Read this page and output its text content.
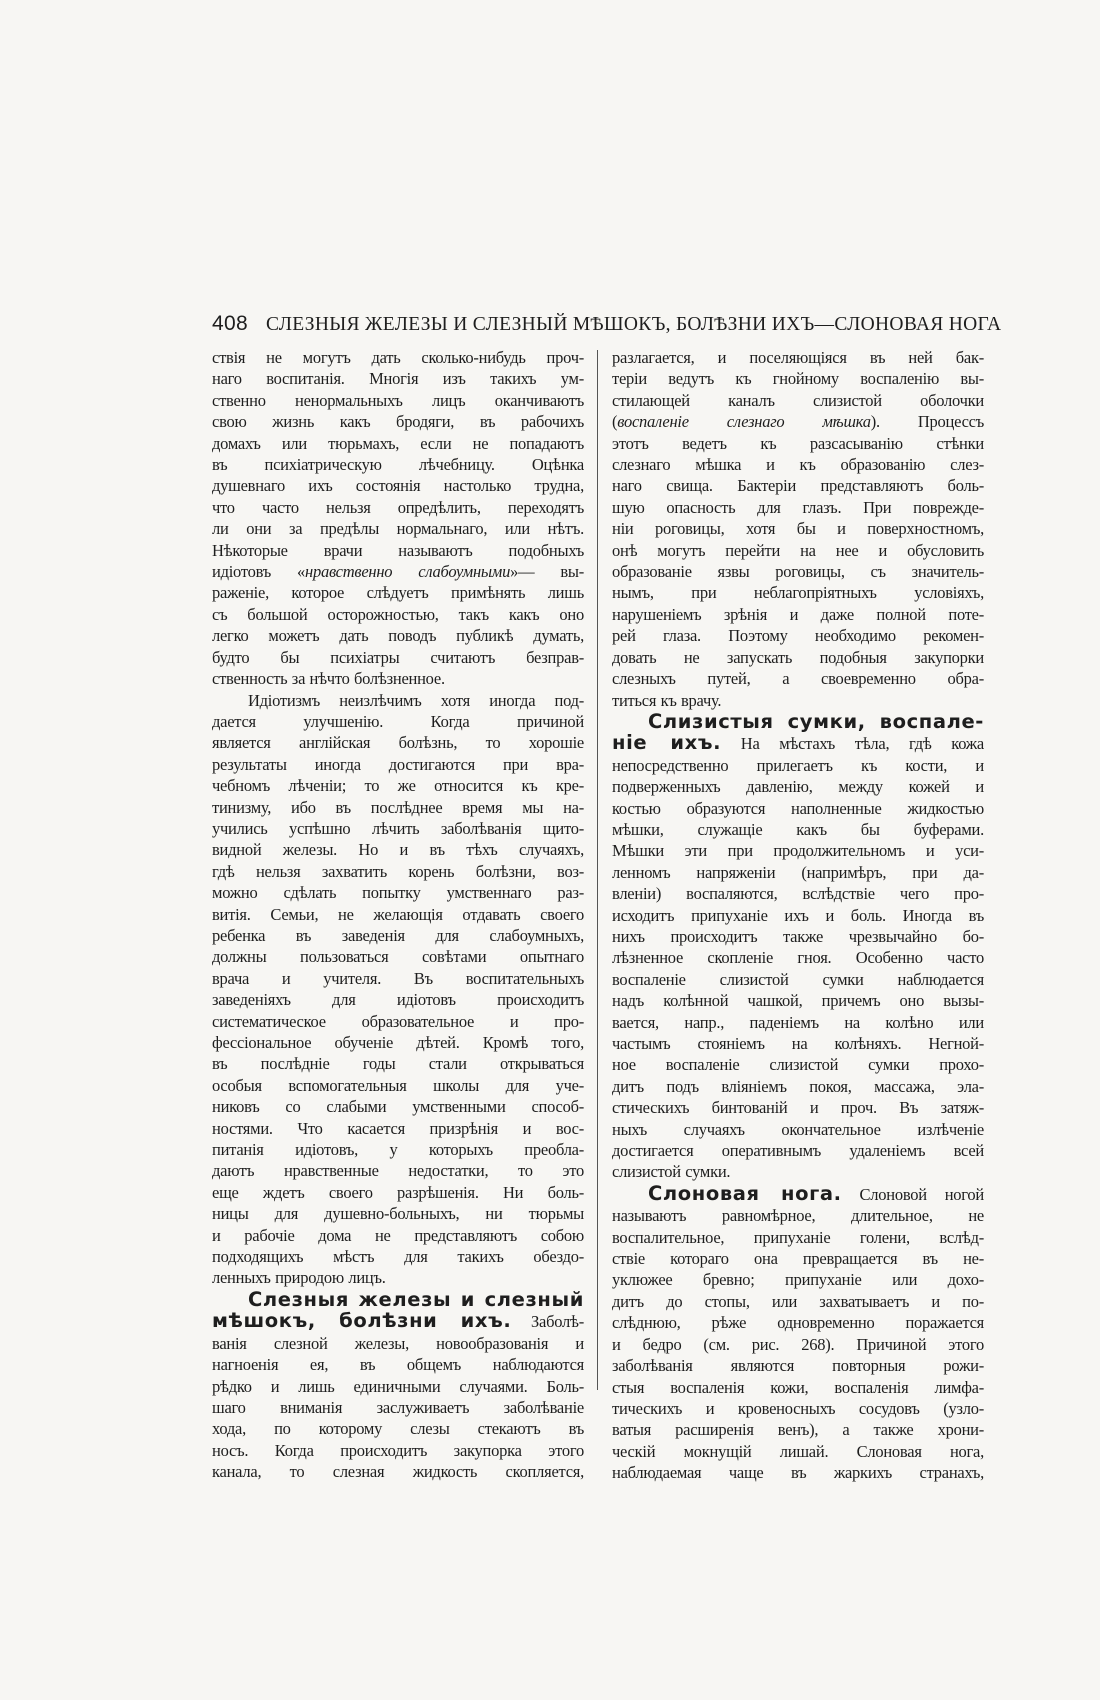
408 СЛЕЗНЫЯ ЖЕЛЕЗЫ И СЛЕЗНЫЙ МѢШОКЪ, БОЛѢЗНИ ИХЪ—СЛОНОВАЯ НОГА
ствія не могутъ дать сколько-нибудь проч-
наго воспитанія. Многія изъ такихъ ум-
ственно ненормальныхъ лицъ оканчиваютъ
свою жизнь какъ бродяги, въ рабочихъ
домахъ или тюрьмахъ, если не попадаютъ
въ психіатрическую лѣчебницу. Оцѣнка
душевнаго ихъ состоянія настолько трудна,
что часто нельзя опредѣлить, переходятъ
ли они за предѣлы нормальнаго, или нѣтъ.
Нѣкоторые врачи называютъ подобныхъ
идіотовъ «нравственно слабоумными»— вы-
раженіе, которое слѣдуетъ примѣнять лишь
съ большой осторожностью, такъ какъ оно
легко можетъ дать поводъ публикѣ думать,
будто бы психіатры считаютъ безправ-
ственность за нѣчто болѣзненное.
Идіотизмъ неизлѣчимъ хотя иногда под-
дается улучшенію. Когда причиной
является англійская болѣзнь, то хорошіе
результаты иногда достигаются при вра-
чебномъ лѣченіи; то же относится къ кре-
тинизму, ибо въ послѣднее время мы на-
учились успѣшно лѣчить заболѣванія щито-
видной железы. Но и въ тѣхъ случаяхъ,
гдѣ нельзя захватить корень болѣзни, воз-
можно сдѣлать попытку умственнаго раз-
витія. Семьи, не желающія отдавать своего
ребенка въ заведенія для слабоумныхъ,
должны пользоваться совѣтами опытнаго
врача и учителя. Въ воспитательныхъ
заведеніяхъ для идіотовъ происходитъ
систематическое образовательное и про-
фессіональное обученіе дѣтей. Кромѣ того,
въ послѣдніе годы стали открываться
особыя вспомогательныя школы для уче-
никовъ со слабыми умственными способ-
ностями. Что касается призрѣнія и вос-
питанія идіотовъ, у которыхъ преобла-
даютъ нравственные недостатки, то это
еще ждетъ своего разрѣшенія. Ни боль-
ницы для душевно-больныхъ, ни тюрьмы
и рабочіе дома не представляютъ собою
подходящихъ мѣстъ для такихъ обездо-
ленныхъ природою лицъ.
Слезныя железы и слезный
мѣшокъ, болѣзни ихъ. Заболѣ-
ванія слезной железы, новообразованія и
нагноенія ея, въ общемъ наблюдаются
рѣдко и лишь единичными случаями. Боль-
шаго вниманія заслуживаетъ заболѣваніе
хода, по которому слезы стекаютъ въ
носъ. Когда происходитъ закупорка этого
канала, то слезная жидкость скопляется,
разлагается, и поселяющіяся въ ней бак-
теріи ведутъ къ гнойному воспаленію вы-
стилающей каналъ слизистой оболочки
(воспаленіе слезнаго мѣшка). Процессъ
этотъ ведетъ къ разсасыванію стѣнки
слезнаго мѣшка и къ образованію слез-
наго свища. Бактеріи представляютъ боль-
шую опасность для глазъ. При поврежде-
ніи роговицы, хотя бы и поверхностномъ,
онѣ могутъ перейти на нее и обусловить
образованіе язвы роговицы, съ значитель-
нымъ, при неблагопріятныхъ условіяхъ,
нарушеніемъ зрѣнія и даже полной поте-
рей глаза. Поэтому необходимо рекомен-
довать не запускать подобныя закупорки
слезныхъ путей, а своевременно обра-
титься къ врачу.
Слизистыя сумки, воспале-
ніе ихъ. На мѣстахъ тѣла, гдѣ кожа
непосредственно прилегаетъ къ кости, и
подверженныхъ давленію, между кожей и
костью образуются наполненные жидкостью
мѣшки, служащіе какъ бы буферами.
Мѣшки эти при продолжительномъ и уси-
ленномъ напряженіи (напримѣръ, при да-
вленіи) воспаляются, вслѣдствіе чего про-
исходитъ припуханіе ихъ и боль. Иногда въ
нихъ происходитъ также чрезвычайно бо-
лѣзненное скопленіе гноя. Особенно часто
воспаленіе слизистой сумки наблюдается
надъ колѣнной чашкой, причемъ оно вызы-
вается, напр., паденіемъ на колѣно или
частымъ стояніемъ на колѣняхъ. Негной-
ное воспаленіе слизистой сумки прохо-
дитъ подъ вліяніемъ покоя, массажа, эла-
стическихъ бинтованій и проч. Въ затяж-
ныхъ случаяхъ окончательное излѣченіе
достигается оперативнымъ удаленіемъ всей
слизистой сумки.
Слоновая нога. Слоновой ногой
называютъ равномѣрное, длительное, не
воспалительное, припуханіе голени, вслѣд-
ствіе котораго она превращается въ не-
уклюжее бревно; припуханіе или дохо-
дитъ до стопы, или захватываетъ и по-
слѣднюю, рѣже одновременно поражается
и бедро (см. рис. 268). Причиной этого
заболѣванія являются повторныя рожи-
стыя воспаленія кожи, воспаленія лимфа-
тическихъ и кровеносныхъ сосудовъ (узло-
ватыя расширенія венъ), а также хрони-
ческій мокнущій лишай. Слоновая нога,
наблюдаемая чаще въ жаркихъ странахъ,
